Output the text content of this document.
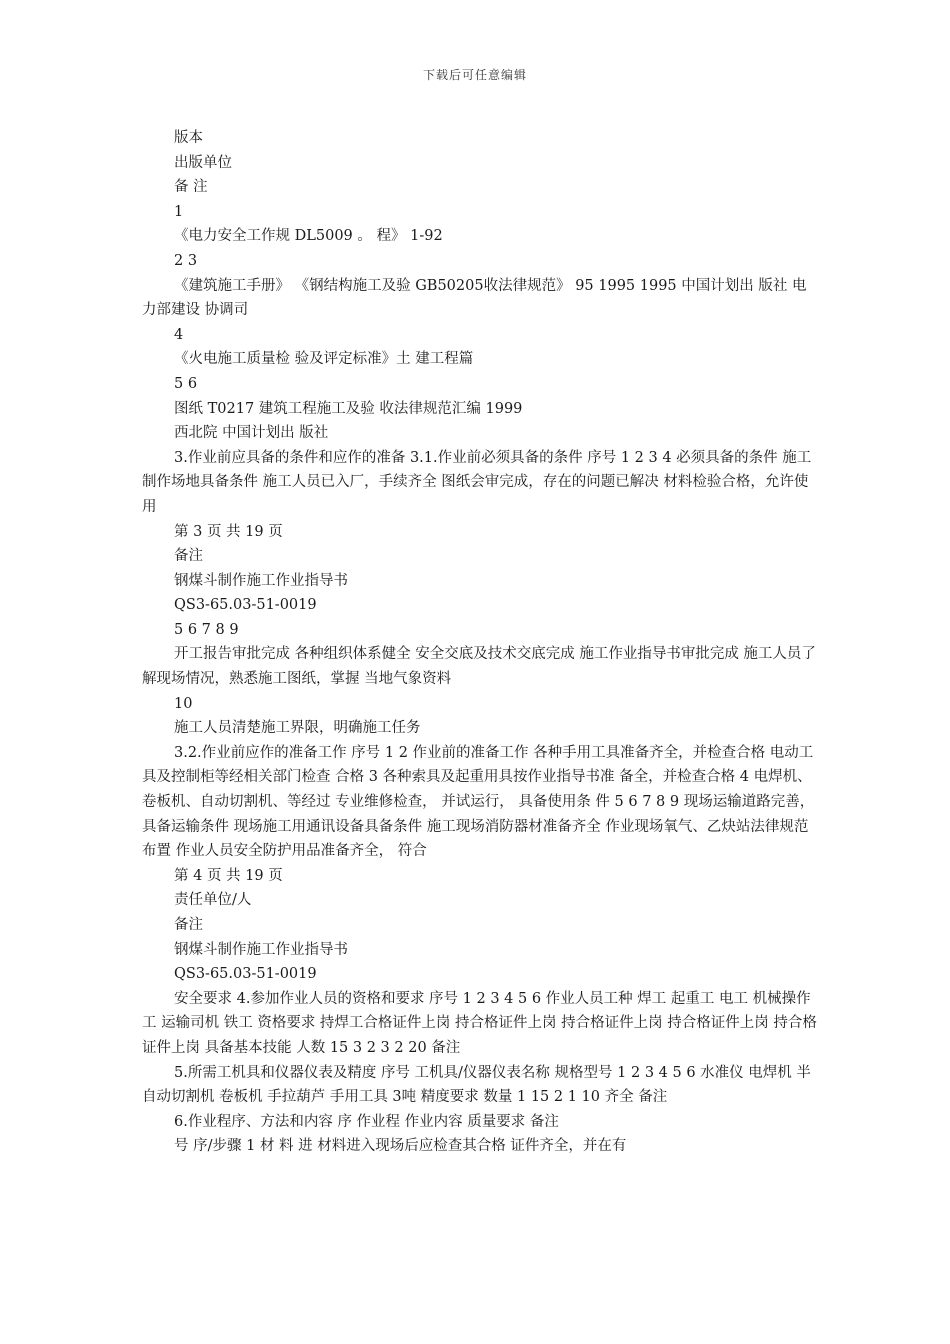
下载后可任意编辑

版本

出版单位

备 注

1

《电力安全工作规 DL5009 。 程》 1-92

2 3

《建筑施工手册》 《钢结构施工及验 GB50205收法律规范》 95 1995 1995 中国计划出 版社 电力部建设 协调司

4

《火电施工质量检 验及评定标准》土 建工程篇

5 6

图纸 T0217 建筑工程施工及验 收法律规范汇编 1999

西北院 中国计划出 版社

3.作业前应具备的条件和应作的准备 3.1.作业前必须具备的条件 序号 1 2 3 4 必须具备的条件 施工制作场地具备条件 施工人员已入厂，手续齐全 图纸会审完成，存在的问题已解决 材料检验合格，允许使用

第 3 页 共 19 页

备注

钢煤斗制作施工作业指导书

QS3-65.03-51-0019

5 6 7 8 9

开工报告审批完成 各种组织体系健全 安全交底及技术交底完成 施工作业指导书审批完成 施工人员了解现场情况，熟悉施工图纸，掌握 当地气象资料

10

施工人员清楚施工界限，明确施工任务

3.2.作业前应作的准备工作 序号 1 2 作业前的准备工作 各种手用工具准备齐全，并检查合格 电动工具及控制柜等经相关部门检查 合格 3 各种索具及起重用具按作业指导书准 备全，并检查合格 4 电焊机、卷板机、自动切割机、等经过 专业维修检查， 并试运行， 具备使用条 件 5 6 7 8 9 现场运输道路完善，具备运输条件 现场施工用通讯设备具备条件 施工现场消防器材准备齐全 作业现场氧气、乙炔站法律规范布置 作业人员安全防护用品准备齐全， 符合

第 4 页 共 19 页

责任单位/人

备注

钢煤斗制作施工作业指导书

QS3-65.03-51-0019

安全要求 4.参加作业人员的资格和要求 序号 1 2 3 4 5 6 作业人员工种 焊工 起重工 电工 机械操作工 运输司机 铁工 资格要求 持焊工合格证件上岗 持合格证件上岗 持合格证件上岗 持合格证件上岗 持合格证件上岗 具备基本技能 人数 15 3 2 3 2 20 备注

5.所需工机具和仪器仪表及精度 序号 工机具/仪器仪表名称 规格型号 1 2 3 4 5 6 水准仪 电焊机 半自动切割机 卷板机 手拉葫芦 手用工具 3吨 精度要求 数量 1 15 2 1 10 齐全 备注

6.作业程序、方法和内容 序 作业程 作业内容 质量要求 备注

号 序/步骤 1 材 料 进 材料进入现场后应检查其合格 证件齐全，并在有
